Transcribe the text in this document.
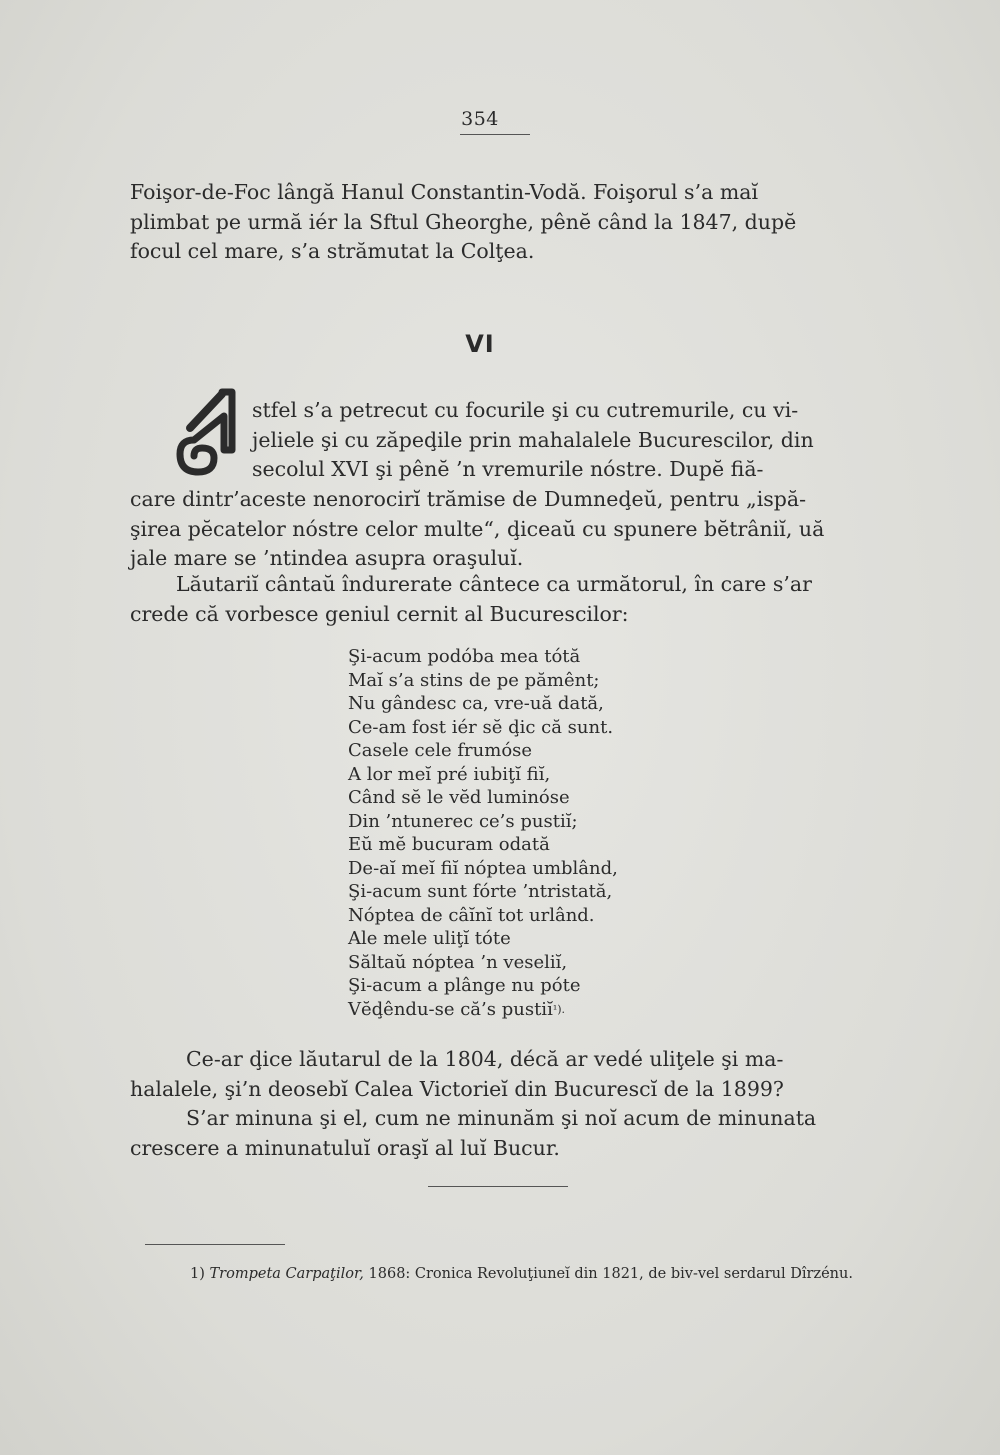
354
Foişor-de-Foc lângă Hanul Constantin-Vodă. Foişorul s’a maĭ
plimbat pe urmă iér la Sftul Gheorghe, pênĕ când la 1847, dupĕ
focul cel mare, s’a strămutat la Colţea.
VI
stfel s’a petrecut cu focurile şi cu cutremurile, cu vi-
jeliele şi cu zăpeḑile prin mahalalele Bucurescilor, din
secolul XVI şi pênĕ ’n vremurile nóstre. Dupĕ fiă-
care dintr’aceste nenorocirĭ trămise de Dumneḑeŭ, pentru „ispă-
şirea pĕcatelor nóstre celor multe“, ḑiceaŭ cu spunere bĕtrâniĭ, uă
jale mare se ’ntindea asupra oraşuluĭ.
Lăutariĭ cântaŭ îndurerate cântece ca următorul, în care s’ar
crede că vorbesce geniul cernit al Bucurescilor:
Şi-acum podóba mea tótă
Maĭ s’a stins de pe pămênt;
Nu gândesc ca, vre-uă dată,
Ce-am fost iér sĕ ḑic că sunt.
Casele cele frumóse
A lor meĭ pré iubiţĭ fiĭ,
Când sĕ le vĕd luminóse
Din ’ntunerec ce’s pustiĭ;
Eŭ mĕ bucuram odată
De-aĭ meĭ fiĭ nóptea umblând,
Şi-acum sunt fórte ’ntristată,
Nóptea de câĭnĭ tot urlând.
Ale mele uliţĭ tóte
Săltaŭ nóptea ’n veseliĭ,
Şi-acum a plânge nu póte
Vĕḑêndu-se că’s pustiĭ¹).
Ce-ar ḑice lăutarul de la 1804, décă ar vedé uliţele şi ma-
halalele, şi’n deosebĭ Calea Victorieĭ din Bucurescĭ de la 1899?
S’ar minuna şi el, cum ne minunăm şi noĭ acum de minunata
crescere a minunatuluĭ oraşĭ al luĭ Bucur.
1) Trompeta Carpaţilor, 1868: Cronica Revoluţiuneĭ din 1821, de biv-vel serdarul Dîrzénu.
